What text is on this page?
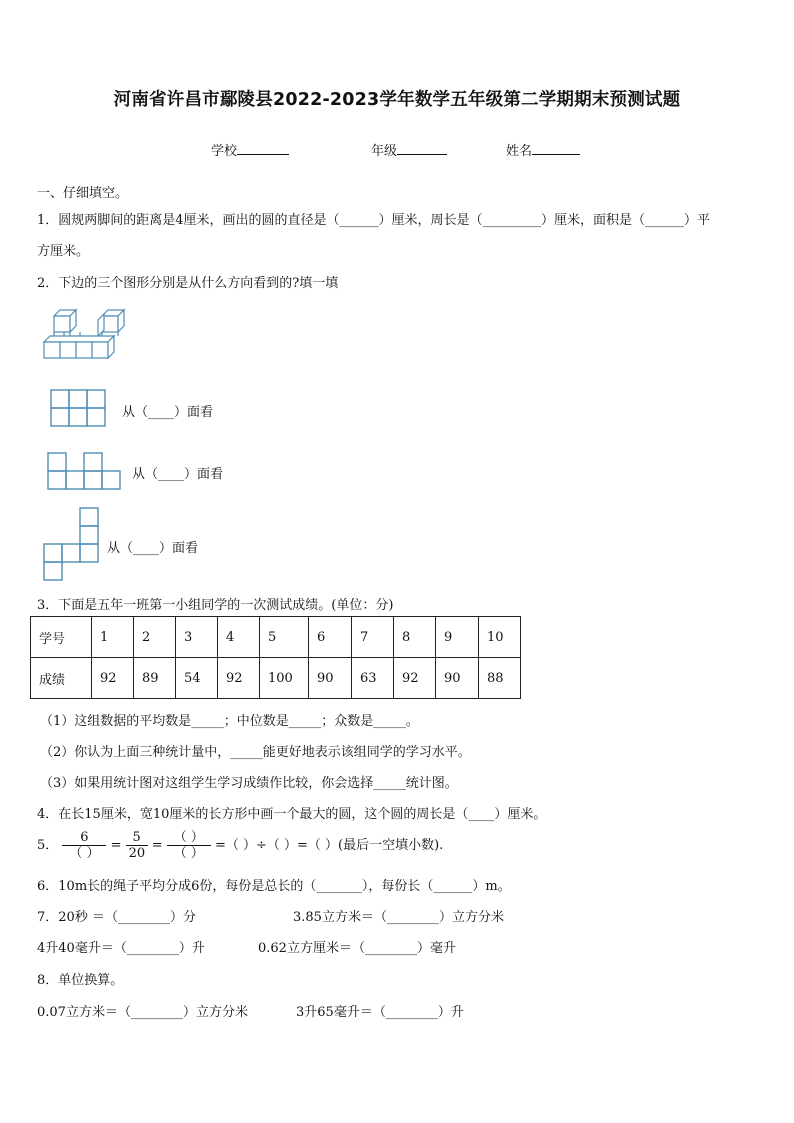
河南省许昌市鄢陵县2022-2023学年数学五年级第二学期期末预测试题
学校	年级	姓名
一、仔细填空。
1．圆规两脚间的距离是4厘米，画出的圆的直径是（______）厘米，周长是（_________）厘米，面积是（______）平
方厘米。
2．下边的三个图形分别是从什么方向看到的?填一填
从（____）面看
从（____）面看
从（____）面看
3．下面是五年一班第一小组同学的一次测试成绩。(单位：分)
学号	1	2	3	4	5	6	7	8	9	10
成绩	92	89	54	92	100	90	63	92	90	88
（1）这组数据的平均数是_____；中位数是_____；众数是_____。
（2）你认为上面三种统计量中，_____能更好地表示该组同学的学习水平。
（3）如果用统计图对这组学生学习成绩作比较，你会选择_____统计图。
4．在长15厘米，宽10厘米的长方形中画一个最大的圆，这个圆的周长是（____）厘米。
5． $\frac{6}{( )} = \frac{5}{20} = \frac{( )}{( )}$ =（ ）÷（ ）=（ ）(最后一空填小数).
6．10m长的绳子平均分成6份，每份是总长的（_______），每份长（______）m。
7．20秒 ＝（________）分	3.85立方米＝（________）立方分米
4升40毫升＝（________）升	0.62立方厘米＝（________）毫升
8．单位换算。
0.07立方米＝（________）立方分米	3升65毫升＝（________）升
